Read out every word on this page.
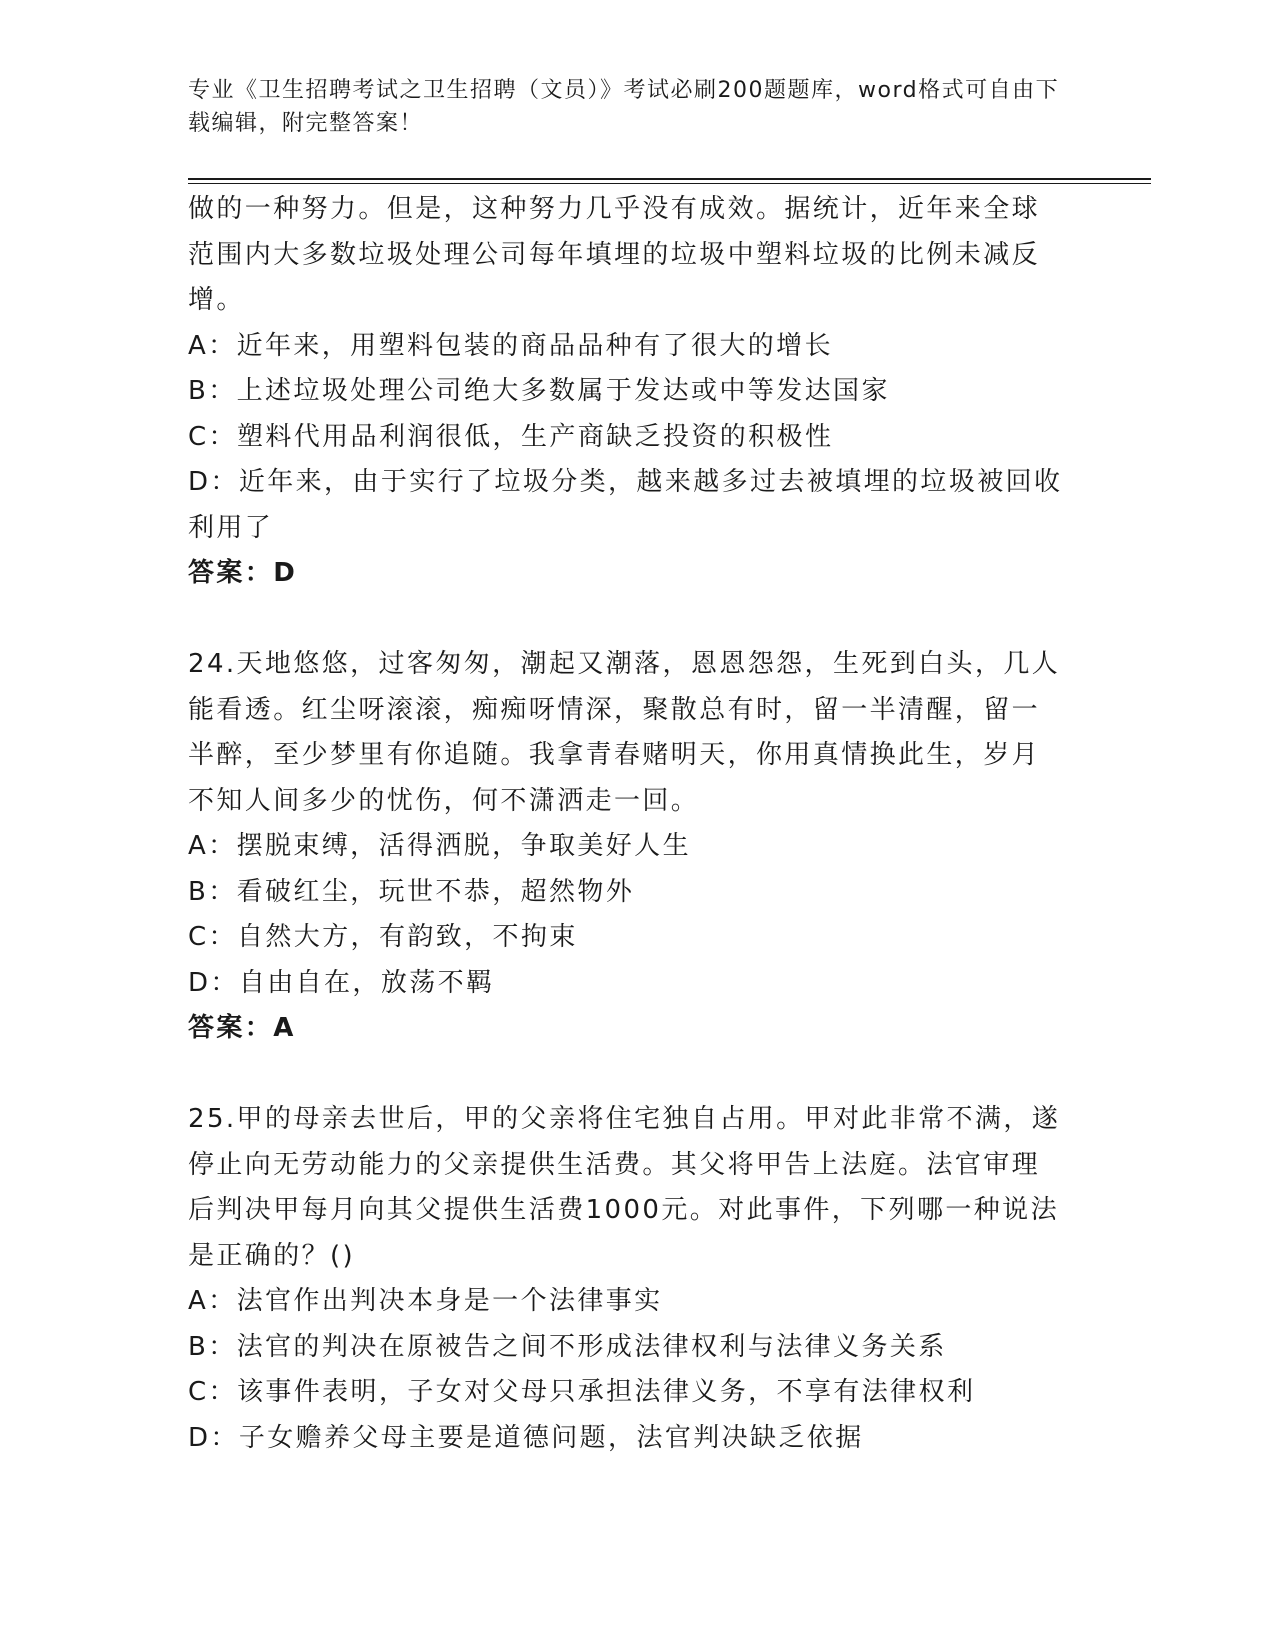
专业《卫生招聘考试之卫生招聘（文员）》考试必刷200题题库，word格式可自由下载编辑，附完整答案！

做的一种努力。但是，这种努力几乎没有成效。据统计，近年来全球范围内大多数垃圾处理公司每年填埋的垃圾中塑料垃圾的比例未减反增。

A：近年来，用塑料包装的商品品种有了很大的增长

B：上述垃圾处理公司绝大多数属于发达或中等发达国家

C：塑料代用品利润很低，生产商缺乏投资的积极性

D：近年来，由于实行了垃圾分类，越来越多过去被填埋的垃圾被回收利用了

答案：D

24.天地悠悠，过客匆匆，潮起又潮落，恩恩怨怨，生死到白头，几人能看透。红尘呀滚滚，痴痴呀情深，聚散总有时，留一半清醒，留一半醉，至少梦里有你追随。我拿青春赌明天，你用真情换此生，岁月不知人间多少的忧伤，何不潇洒走一回。

A：摆脱束缚，活得洒脱，争取美好人生

B：看破红尘，玩世不恭，超然物外

C：自然大方，有韵致，不拘束

D：自由自在，放荡不羁

答案：A

25.甲的母亲去世后，甲的父亲将住宅独自占用。甲对此非常不满，遂停止向无劳动能力的父亲提供生活费。其父将甲告上法庭。法官审理后判决甲每月向其父提供生活费1000元。对此事件，下列哪一种说法是正确的？()

A：法官作出判决本身是一个法律事实

B：法官的判决在原被告之间不形成法律权利与法律义务关系

C：该事件表明，子女对父母只承担法律义务，不享有法律权利

D：子女赡养父母主要是道德问题，法官判决缺乏依据
